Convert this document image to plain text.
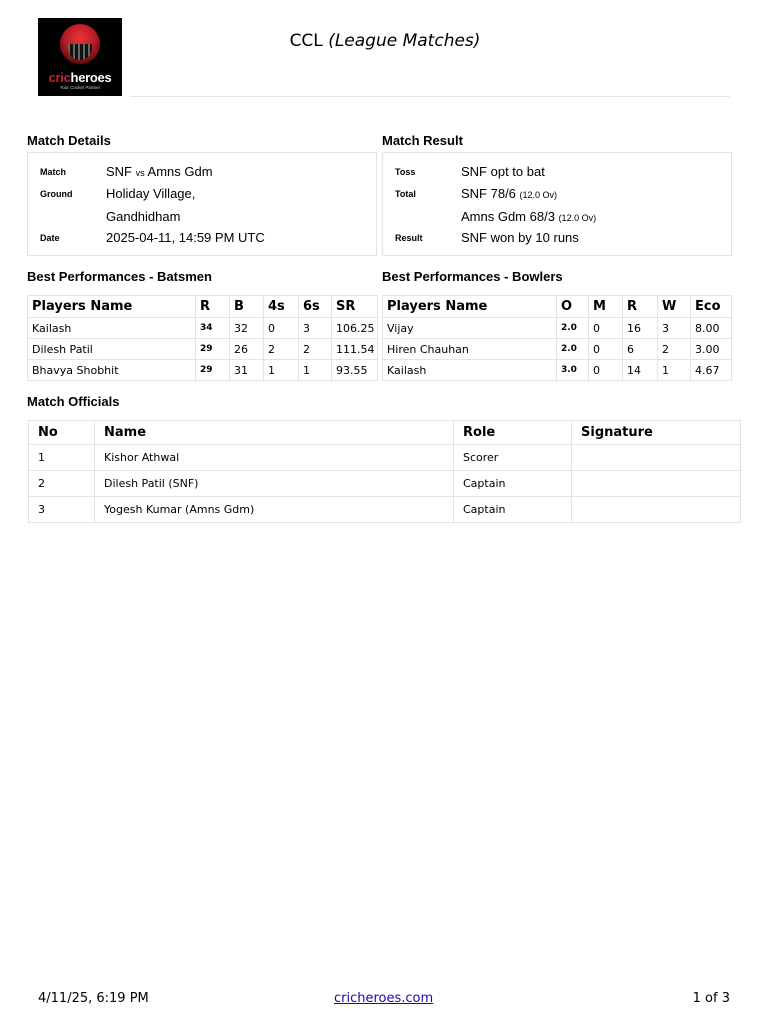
cricheroes
Your Cricket Partner
CCL (League Matches)
Match Details
Match	SNF vs Amns Gdm
Ground	Holiday Village,
Gandhidham
Date	2025-04-11, 14:59 PM UTC
Match Result
Toss	SNF opt to bat
Total	SNF 78/6 (12.0 Ov)
Amns Gdm 68/3 (12.0 Ov)
Result	SNF won by 10 runs
Best Performances - Batsmen
Players Name	R	B	4s	6s	SR
Kailash	34	32	0	3	106.25
Dilesh Patil	29	26	2	2	111.54
Bhavya Shobhit	29	31	1	1	93.55
Best Performances - Bowlers
Players Name	O	M	R	W	Eco
Vijay	2.0	0	16	3	8.00
Hiren Chauhan	2.0	0	6	2	3.00
Kailash	3.0	0	14	1	4.67
Match Officials
No	Name	Role	Signature
1	Kishor Athwal	Scorer	
2	Dilesh Patil (SNF)	Captain	
3	Yogesh Kumar (Amns Gdm)	Captain	
4/11/25, 6:19 PM	cricheroes.com	1 of 3
